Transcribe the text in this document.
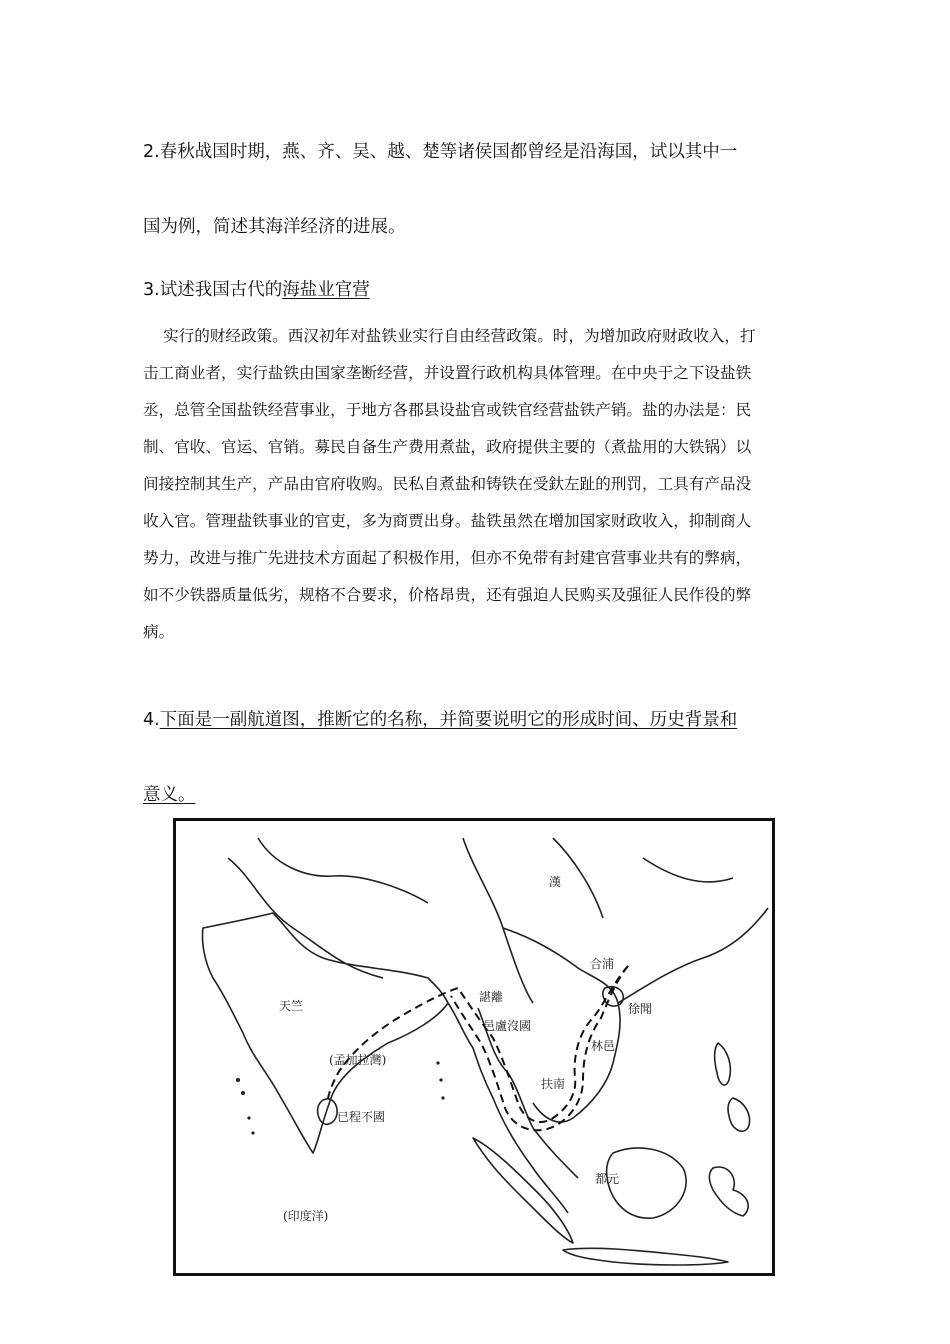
2.春秋战国时期，燕、齐、吴、越、楚等诸侯国都曾经是沿海国，试以其中一
国为例，简述其海洋经济的进展。
3.试述我国古代的海盐业官营
实行的财经政策。西汉初年对盐铁业实行自由经营政策。时，为增加政府财政收入，打
击工商业者，实行盐铁由国家垄断经营，并设置行政机构具体管理。在中央于之下设盐铁
丞，总管全国盐铁经营事业，于地方各郡县设盐官或铁官经营盐铁产销。盐的办法是：民
制、官收、官运、官销。募民自备生产费用煮盐，政府提供主要的（煮盐用的大铁锅）以
间接控制其生产，产品由官府收购。民私自煮盐和铸铁在受釱左趾的刑罚，工具有产品没
收入官。管理盐铁事业的官吏，多为商贾出身。盐铁虽然在增加国家财政收入，抑制商人
势力，改进与推广先进技术方面起了积极作用，但亦不免带有封建官营事业共有的弊病，
如不少铁器质量低劣，规格不合要求，价格昂贵，还有强迫人民购买及强征人民作役的弊
病。
4.下面是一副航道图，推断它的名称，并简要说明它的形成时间、历史背景和
意义。
漢
合浦
徐聞
天竺
諶離
邑盧沒國
林邑
扶南
(孟加拉灣)
已程不國
都元
(印度洋)
